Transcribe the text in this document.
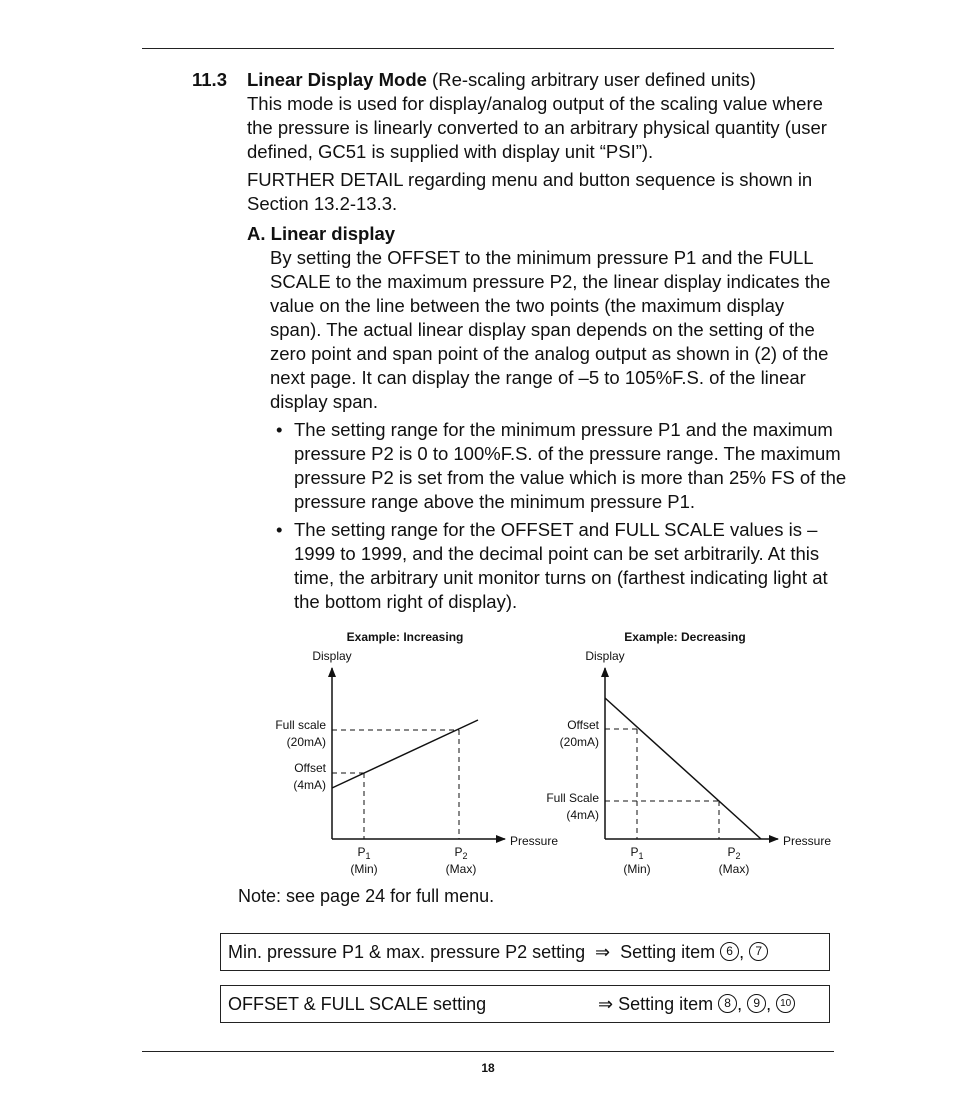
11.3 Linear Display Mode (Re-scaling arbitrary user defined units)

This mode is used for display/analog output of the scaling value where the pressure is linearly converted to an arbitrary physical quantity (user defined, GC51 is supplied with display unit “PSI”).

FURTHER DETAIL regarding menu and button sequence is shown in Section 13.2-13.3.

A. Linear display

By setting the OFFSET to the minimum pressure P1 and the FULL SCALE to the maximum pressure P2, the linear display indicates the value on the line between the two points (the maximum display span). The actual linear display span depends on the setting of the zero point and span point of the analog output as shown in (2) of the next page. It can display the range of –5 to 105%F.S. of the linear display span.

• The setting range for the minimum pressure P1 and the maximum pressure P2 is 0 to 100%F.S. of the pressure range. The maximum pressure P2 is set from the value which is more than 25% FS of the pressure range above the minimum pressure P1.
• The setting range for the OFFSET and FULL SCALE values is –1999 to 1999, and the decimal point can be set arbitrarily. At this time, the arbitrary unit monitor turns on (farthest indicating light at the bottom right of display).
Example: Increasing
Display
Pressure
Full scale
(20mA)
Offset
(4mA)
$P_1$
(Min)
$P_2$
(Max)
Example: Decreasing
Display
Pressure
Offset
(20mA)
Full Scale
(4mA)
$P_1$
(Min)
$P_2$
(Max)
Note: see page 24 for full menu.
Min. pressure P1 & max. pressure P2 setting ⇒  Setting item 6 , 7
OFFSET & FULL SCALE setting	⇒ Setting item 8 , 9 , 10
18
